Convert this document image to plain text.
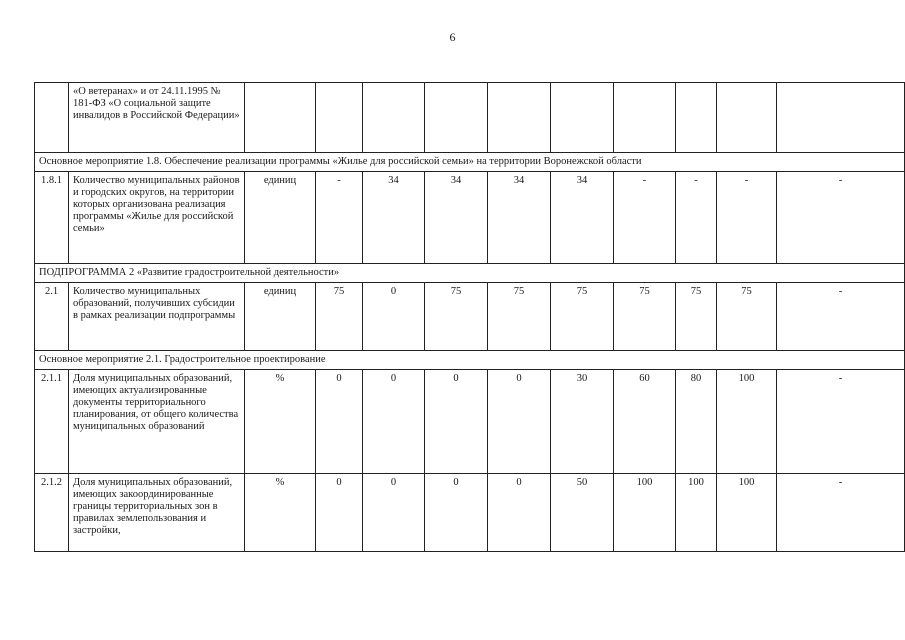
6
	«О ветеранах» и от 24.11.1995 № 181-ФЗ «О социальной защите инвалидов в Российской Федерации»										
Основное мероприятие 1.8. Обеспечение реализации программы «Жилье для российской семьи» на территории Воронежской области											
1.8.1	Количество муниципальных районов и городских округов, на территории которых организована реализация программы «Жилье для российской семьи»	единиц	-	34	34	34	34	-	-	-	-
ПОДПРОГРАММА 2 «Развитие градостроительной деятельности»											
2.1	Количество муниципальных образований, получивших субсидии в рамках реализации подпрограммы	единиц	75	0	75	75	75	75	75	75	-
Основное мероприятие 2.1. Градостроительное проектирование											
2.1.1	Доля муниципальных образований, имеющих актуализированные документы территориального планирования, от общего количества муниципальных образований	%	0	0	0	0	30	60	80	100	-
2.1.2	Доля муниципальных образований, имеющих закоординированные границы территориальных зон в правилах землепользования и застройки,	%	0	0	0	0	50	100	100	100	-
